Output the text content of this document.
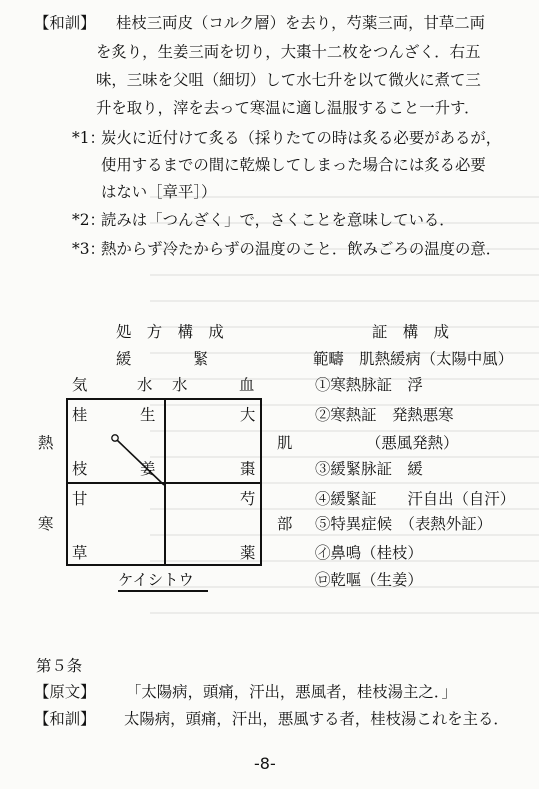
【和訓】 桂枝三両皮（コルク層）を去り，芍薬三両，甘草二両
を炙り，生姜三両を切り，大棗十二枚をつんざく．右五
味，三味を父咀（細切）して水七升を以て微火に煮て三
升を取り，滓を去って寒温に適し温服すること一升す．
*1：
炭火に近付けて炙る（採りたての時は炙る必要があるが，
使用するまでの間に乾燥してしまった場合には炙る必要
はない［章平］）
*2：
読みは「つんざく」で，さくことを意味している．
*3：
熱からず冷たからずの温度のこと．飲みごろの温度の意．
処　方　構　成
緩　　　　緊
証　構　成
気	水 水	血
熱
寒
桂	生	大
枝	姜	棗
甘	芍
草	薬
肌
部
ケイシトウ
範疇　肌熱緩病（太陽中風）
①寒熱脉証　浮
②寒熱証　発熱悪寒
（悪風発熱）
③緩緊脉証　緩
④緩緊証　　汗自出（自汗）
⑤特異症候　（表熱外証）
㋑鼻鳴（桂枝）
㋺乾嘔（生姜）
第５条
【原文】 「太陽病，頭痛，汗出，悪風者，桂枝湯主之．」
【和訓】 太陽病，頭痛，汗出，悪風する者，桂枝湯これを主る．
-8-
